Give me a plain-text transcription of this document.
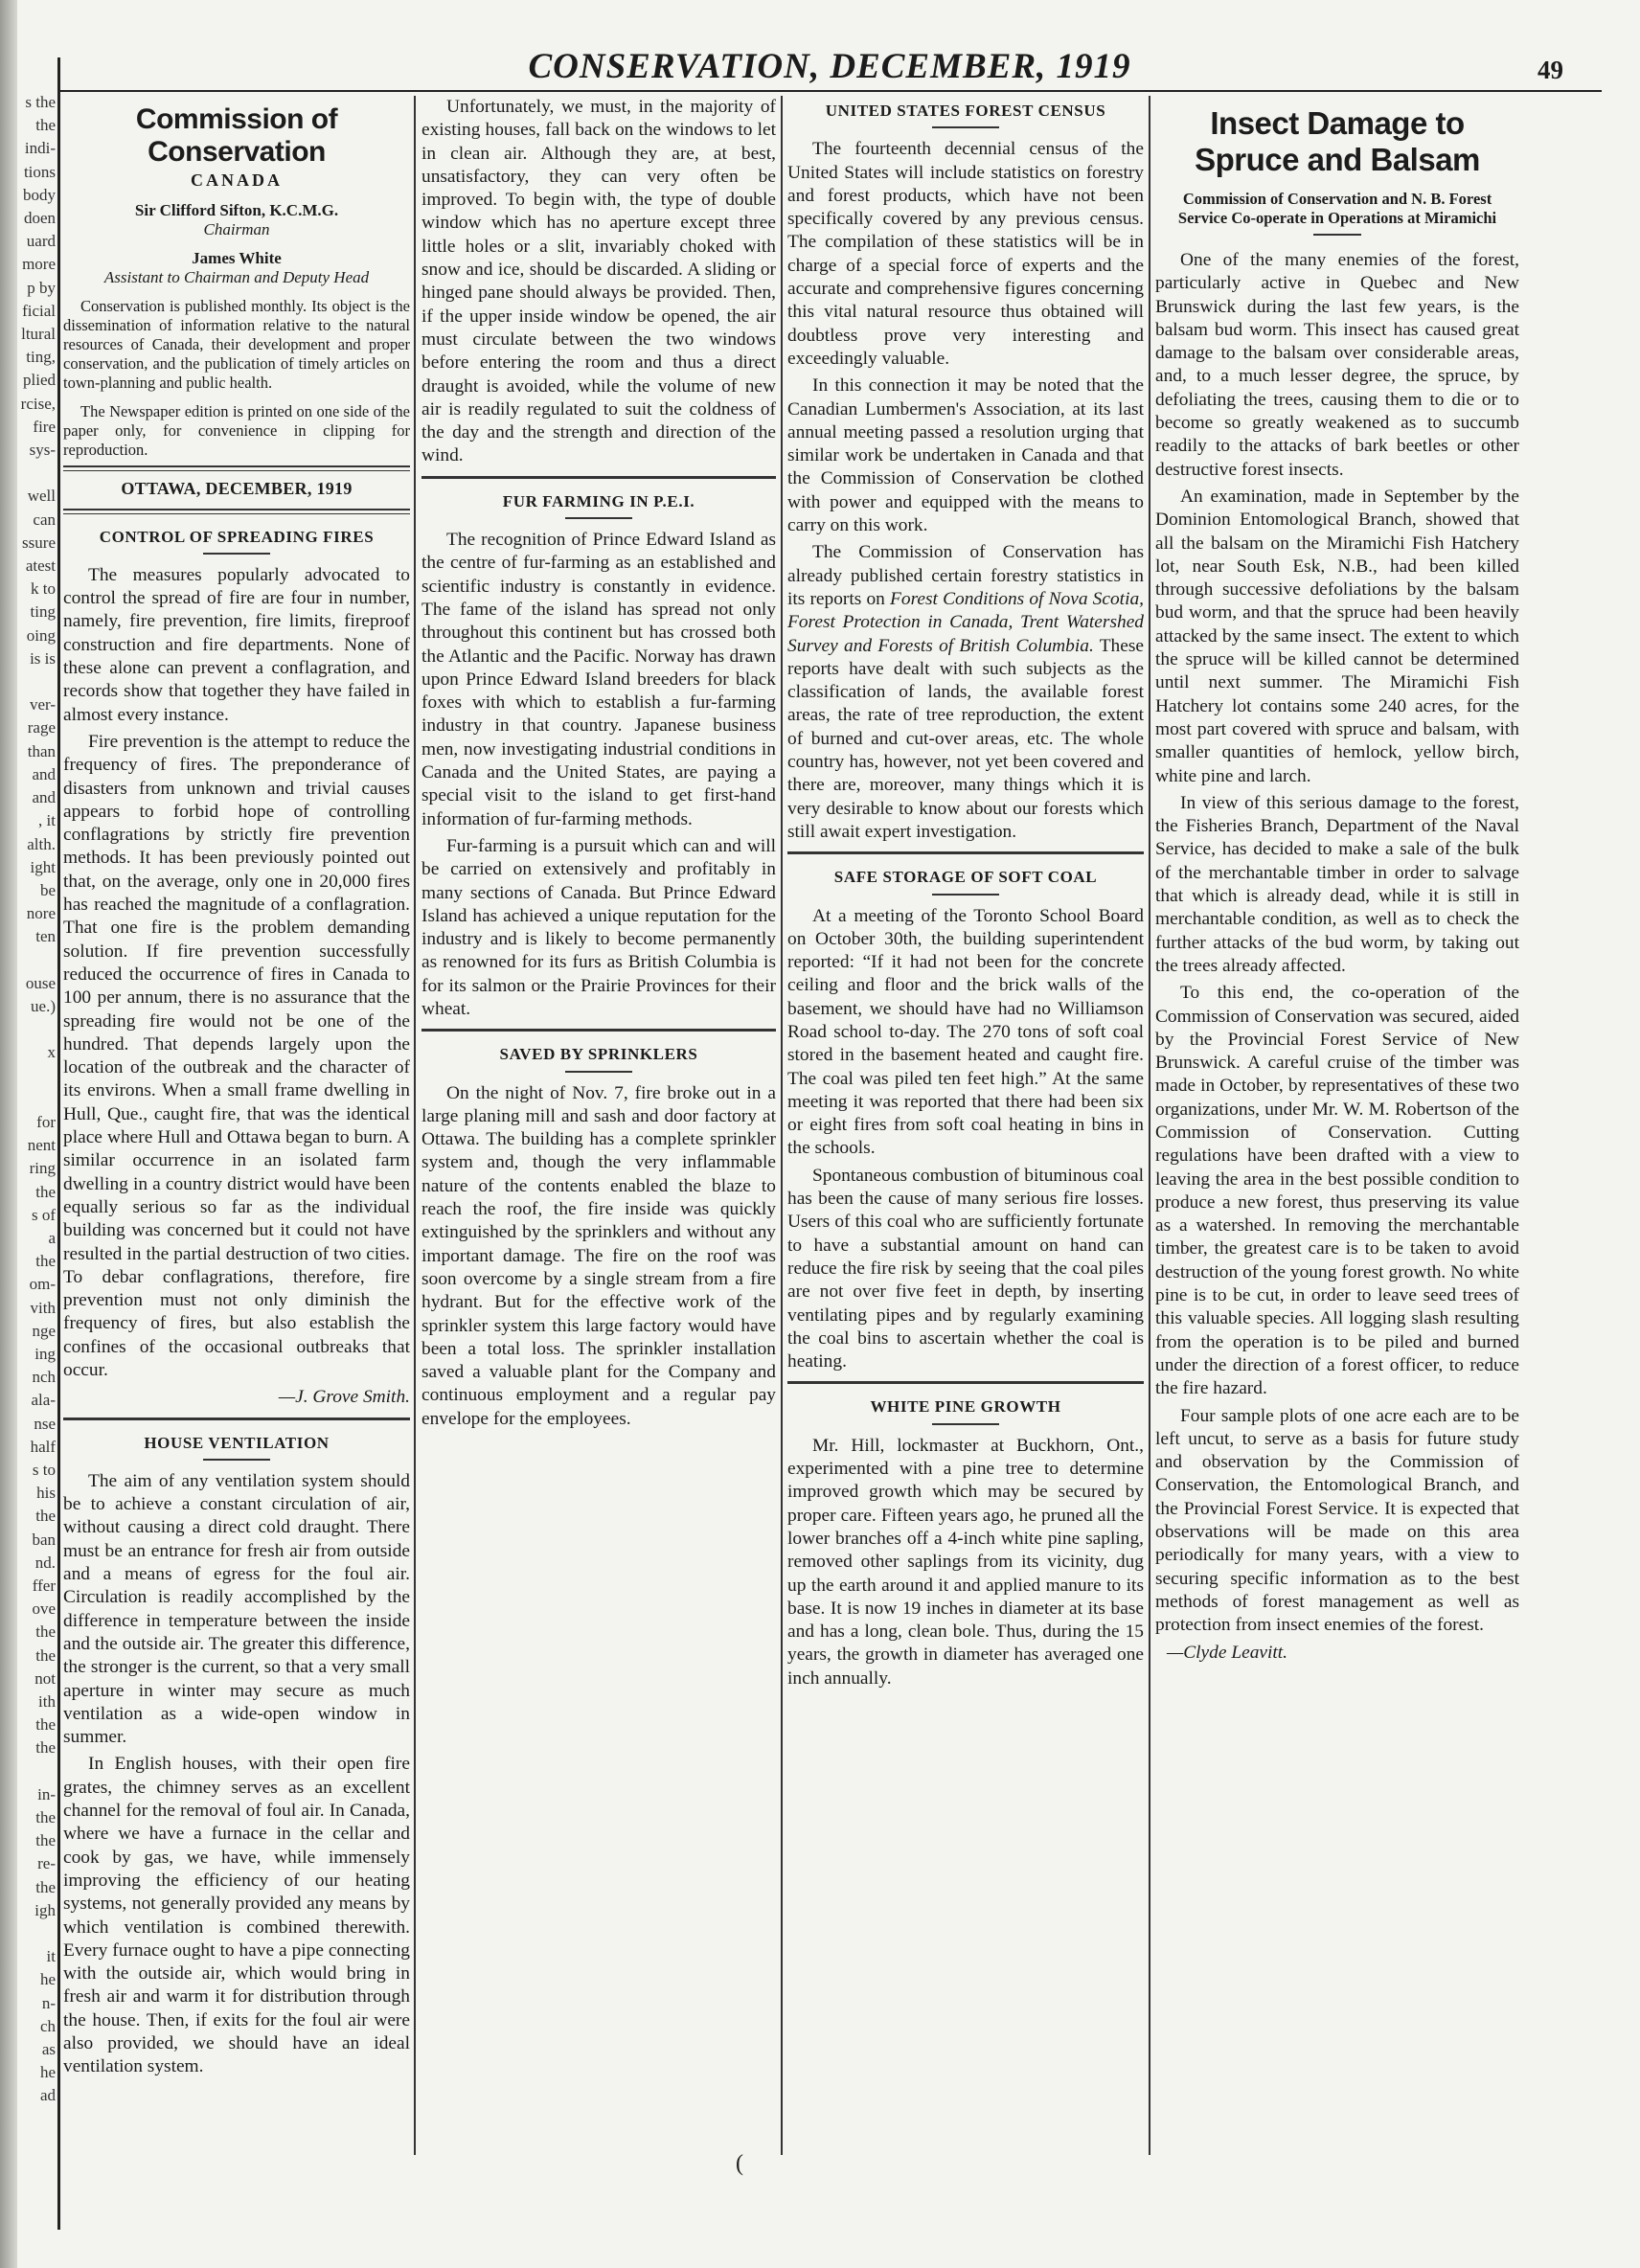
s the
the
indi-
tions
body
doen
uard
more
p by
ficial
ltural
ting,
plied
rcise,
fire
sys-

well
can
ssure
atest
k to
ting
oing
is is

ver-
rage
than
and
and
, it
alth.
ight
be
nore
ten

ouse
ue.)

x

for
nent
ring
the
s of
a
the
om-
vith
nge
ing
nch
ala-
nse
half
s to
his
the
ban
nd.
ffer
ove
the
the
not
ith
the
the

in-
the
the
re-
the
igh

it
he
n-
ch
as
he
ad
CONSERVATION, DECEMBER, 1919	49
Commission of Conservation
CANADA
Sir Clifford Sifton, K.C.M.G.
Chairman
James White
Assistant to Chairman and Deputy Head
Conservation is published monthly. Its object is the dissemination of information relative to the natural resources of Canada, their development and proper conservation, and the publication of timely articles on town-planning and public health.
The Newspaper edition is printed on one side of the paper only, for convenience in clipping for reproduction.
OTTAWA, DECEMBER, 1919
CONTROL OF SPREADING FIRES

The measures popularly advocated to control the spread of fire are four in number, namely, fire prevention, fire limits, fireproof construction and fire departments. None of these alone can prevent a conflagration, and records show that together they have failed in almost every instance.

Fire prevention is the attempt to reduce the frequency of fires. The preponderance of disasters from unknown and trivial causes appears to forbid hope of controlling conflagrations by strictly fire prevention methods. It has been previously pointed out that, on the average, only one in 20,000 fires has reached the magnitude of a conflagration. That one fire is the problem demanding solution. If fire prevention successfully reduced the occurrence of fires in Canada to 100 per annum, there is no assurance that the spreading fire would not be one of the hundred. That depends largely upon the location of the outbreak and the character of its environs. When a small frame dwelling in Hull, Que., caught fire, that was the identical place where Hull and Ottawa began to burn. A similar occurrence in an isolated farm dwelling in a country district would have been equally serious so far as the individual building was concerned but it could not have resulted in the partial destruction of two cities. To debar conflagrations, therefore, fire prevention must not only diminish the frequency of fires, but also establish the confines of the occasional outbreaks that occur.

—J. Grove Smith.
HOUSE VENTILATION

The aim of any ventilation system should be to achieve a constant circulation of air, without causing a direct cold draught. There must be an entrance for fresh air from outside and a means of egress for the foul air. Circulation is readily accomplished by the difference in temperature between the inside and the outside air. The greater this difference, the stronger is the current, so that a very small aperture in winter may secure as much ventilation as a wide-open window in summer.

In English houses, with their open fire grates, the chimney serves as an excellent channel for the removal of foul air. In Canada, where we have a furnace in the cellar and cook by gas, we have, while immensely improving the efficiency of our heating systems, not generally provided any means by which ventilation is combined therewith. Every furnace ought to have a pipe connecting with the outside air, which would bring in fresh air and warm it for distribution through the house. Then, if exits for the foul air were also provided, we should have an ideal ventilation system.

Unfortunately, we must, in the majority of existing houses, fall back on the windows to let in clean air. Although they are, at best, unsatisfactory, they can very often be improved. To begin with, the type of double window which has no aperture except three little holes or a slit, invariably choked with snow and ice, should be discarded. A sliding or hinged pane should always be provided. Then, if the upper inside window be opened, the air must circulate between the two windows before entering the room and thus a direct draught is avoided, while the volume of new air is readily regulated to suit the coldness of the day and the strength and direction of the wind.

FUR FARMING IN P.E.I.

The recognition of Prince Edward Island as the centre of fur-farming as an established and scientific industry is constantly in evidence. The fame of the island has spread not only throughout this continent but has crossed both the Atlantic and the Pacific. Norway has drawn upon Prince Edward Island breeders for black foxes with which to establish a fur-farming industry in that country. Japanese business men, now investigating industrial conditions in Canada and the United States, are paying a special visit to the island to get first-hand information of fur-farming methods.

Fur-farming is a pursuit which can and will be carried on extensively and profitably in many sections of Canada. But Prince Edward Island has achieved a unique reputation for the industry and is likely to become permanently as renowned for its furs as British Columbia is for its salmon or the Prairie Provinces for their wheat.

SAVED BY SPRINKLERS

On the night of Nov. 7, fire broke out in a large planing mill and sash and door factory at Ottawa. The building has a complete sprinkler system and, though the very inflammable nature of the contents enabled the blaze to reach the roof, the fire inside was quickly extinguished by the sprinklers and without any important damage. The fire on the roof was soon overcome by a single stream from a fire hydrant. But for the effective work of the sprinkler system this large factory would have been a total loss. The sprinkler installation saved a valuable plant for the Company and continuous employment and a regular pay envelope for the employees.

UNITED STATES FOREST CENSUS

The fourteenth decennial census of the United States will include statistics on forestry and forest products, which have not been specifically covered by any previous census. The compilation of these statistics will be in charge of a special force of experts and the accurate and comprehensive figures concerning this vital natural resource thus obtained will doubtless prove very interesting and exceedingly valuable.

In this connection it may be noted that the Canadian Lumbermen's Association, at its last annual meeting passed a resolution urging that similar work be undertaken in Canada and that the Commission of Conservation be clothed with power and equipped with the means to carry on this work.

The Commission of Conservation has already published certain forestry statistics in its reports on Forest Conditions of Nova Scotia, Forest Protection in Canada, Trent Watershed Survey and Forests of British Columbia. These reports have dealt with such subjects as the classification of lands, the available forest areas, the rate of tree reproduction, the extent of burned and cut-over areas, etc. The whole country has, however, not yet been covered and there are, moreover, many things which it is very desirable to know about our forests which still await expert investigation.

SAFE STORAGE OF SOFT COAL

At a meeting of the Toronto School Board on October 30th, the building superintendent reported: “If it had not been for the concrete ceiling and floor and the brick walls of the basement, we should have had no Williamson Road school to-day. The 270 tons of soft coal stored in the basement heated and caught fire. The coal was piled ten feet high.” At the same meeting it was reported that there had been six or eight fires from soft coal heating in bins in the schools.

Spontaneous combustion of bituminous coal has been the cause of many serious fire losses. Users of this coal who are sufficiently fortunate to have a substantial amount on hand can reduce the fire risk by seeing that the coal piles are not over five feet in depth, by inserting ventilating pipes and by regularly examining the coal bins to ascertain whether the coal is heating.

WHITE PINE GROWTH

Mr. Hill, lockmaster at Buckhorn, Ont., experimented with a pine tree to determine improved growth which may be secured by proper care. Fifteen years ago, he pruned all the lower branches off a 4-inch white pine sapling, removed other saplings from its vicinity, dug up the earth around it and applied manure to its base. It is now 19 inches in diameter at its base and has a long, clean bole. Thus, during the 15 years, the growth in diameter has averaged one inch annually.

Insect Damage to Spruce and Balsam
Commission of Conservation and N. B. Forest Service Co-operate in Operations at Miramichi

One of the many enemies of the forest, particularly active in Quebec and New Brunswick during the last few years, is the balsam bud worm. This insect has caused great damage to the balsam over considerable areas, and, to a much lesser degree, the spruce, by defoliating the trees, causing them to die or to become so greatly weakened as to succumb readily to the attacks of bark beetles or other destructive forest insects.

An examination, made in September by the Dominion Entomological Branch, showed that all the balsam on the Miramichi Fish Hatchery lot, near South Esk, N.B., had been killed through successive defoliations by the balsam bud worm, and that the spruce had been heavily attacked by the same insect. The extent to which the spruce will be killed cannot be determined until next summer. The Miramichi Fish Hatchery lot contains some 240 acres, for the most part covered with spruce and balsam, with smaller quantities of hemlock, yellow birch, white pine and larch.

In view of this serious damage to the forest, the Fisheries Branch, Department of the Naval Service, has decided to make a sale of the bulk of the merchantable timber in order to salvage that which is already dead, while it is still in merchantable condition, as well as to check the further attacks of the bud worm, by taking out the trees already affected.

To this end, the co-operation of the Commission of Conservation was secured, aided by the Provincial Forest Service of New Brunswick. A careful cruise of the timber was made in October, by representatives of these two organizations, under Mr. W. M. Robertson of the Commission of Conservation. Cutting regulations have been drafted with a view to leaving the area in the best possible condition to produce a new forest, thus preserving its value as a watershed. In removing the merchantable timber, the greatest care is to be taken to avoid destruction of the young forest growth. No white pine is to be cut, in order to leave seed trees of this valuable species. All logging slash resulting from the operation is to be piled and burned under the direction of a forest officer, to reduce the fire hazard.

Four sample plots of one acre each are to be left uncut, to serve as a basis for future study and observation by the Commission of Conservation, the Entomological Branch, and the Provincial Forest Service. It is expected that observations will be made on this area periodically for many years, with a view to securing specific information as to the best methods of forest management as well as protection from insect enemies of the forest.

—Clyde Leavitt.
(
